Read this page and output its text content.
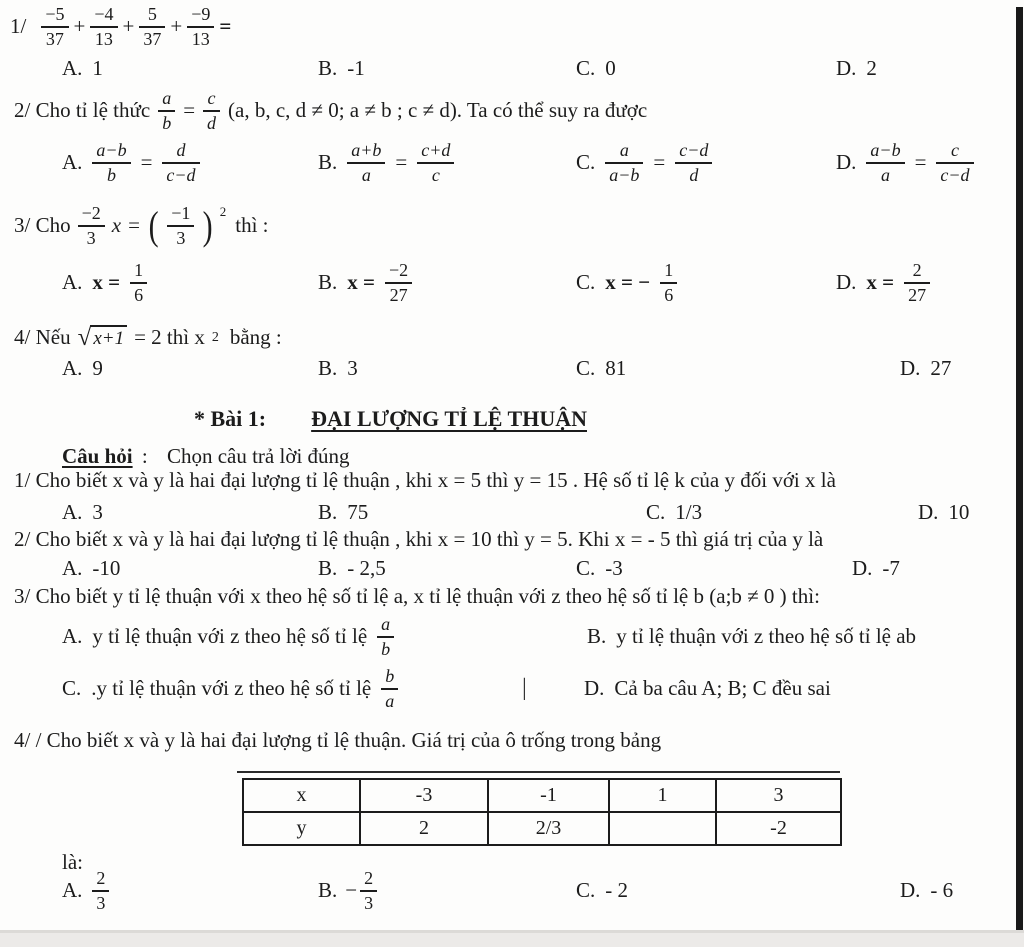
$1/ \frac{-5}{37} + \frac{-4}{13} + \frac{5}{37} + \frac{-9}{13}$ =
A. 1	B. -1	C. 0	D. 2
2/ Cho tỉ lệ thức $\frac{a}{b} = \frac{c}{d} (a$, b, c, d ≠ 0; a ≠ b ; c ≠ d). Ta có thể suy ra được
A. $\frac{a-b}{b} = \frac{d}{c-d}$	B. $\frac{a+b}{a} = \frac{c+d}{c}$	C. $\frac{a}{a-b} = \frac{c-d}{d}$	D. $\frac{a-b}{a} = \frac{c}{c-d}$
3/ Cho $\frac{-2}{3}$ x = ( $\frac{-1}{3}$ ) $^2$
thì :
A. $x = \frac{1}{6}$	B. $x = \frac{-2}{27}$	C. x = − $\frac{1}{6}$	D. $x = \frac{2}{27}$
4/ Nếu √ x+1 = 2 thì x 2 bằng :
A. 9	B. 3	C. 81	D. 27
* Bài 1: ĐẠI LƯỢNG TỈ LỆ THUẬN
Câu hỏi : Chọn câu trả lời đúng
1/ Cho biết x và y là hai đại lượng tỉ lệ thuận , khi x = 5 thì y = 15 . Hệ số tỉ lệ k của y đối với x là
A. 3	B. 75	C. 1/3	D. 10
2/ Cho biết x và y là hai đại lượng tỉ lệ thuận , khi x = 10 thì y = 5. Khi x = - 5 thì giá trị của y là
A. -10	B. - 2,5	C. -3	D. -7
3/ Cho biết y tỉ lệ thuận với x theo hệ số tỉ lệ a, x tỉ lệ thuận với z theo hệ số tỉ lệ b (a;b ≠ 0 ) thì:
A. y tỉ lệ thuận với z theo hệ số tỉ lệ $\frac{a}{b}$	B. y tỉ lệ thuận với z theo hệ số tỉ lệ ab
C. .y tỉ lệ thuận với z theo hệ số tỉ lệ $\frac{b}{a}$	|	D. Cả ba câu A; B; C đều sai
4/ / Cho biết x và y là hai đại lượng tỉ lệ thuận. Giá trị của ô trống trong bảng
x	-3	-1	1	3
y	2	2/3		-2
là:
A. $\frac{2}{3}$	B. − $\frac{2}{3}$	C. - 2	D. - 6
